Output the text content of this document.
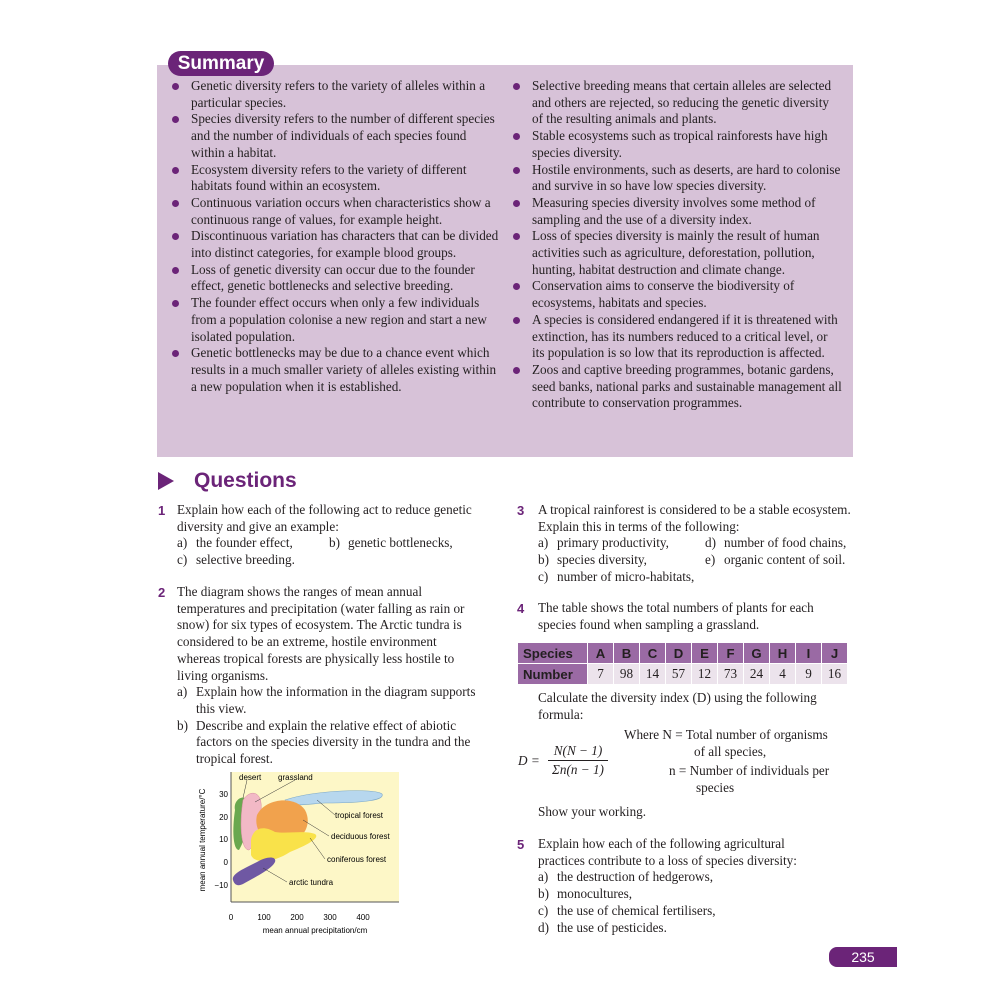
Summary
Genetic diversity refers to the variety of alleles within a particular species.
Species diversity refers to the number of different species and the number of individuals of each species found within a habitat.
Ecosystem diversity refers to the variety of different habitats found within an ecosystem.
Continuous variation occurs when characteristics show a continuous range of values, for example height.
Discontinuous variation has characters that can be divided into distinct categories, for example blood groups.
Loss of genetic diversity can occur due to the founder effect, genetic bottlenecks and selective breeding.
The founder effect occurs when only a few individuals from a population colonise a new region and start a new isolated population.
Genetic bottlenecks may be due to a chance event which results in a much smaller variety of alleles existing within a new population when it is established.
Selective breeding means that certain alleles are selected and others are rejected, so reducing the genetic diversity of the resulting animals and plants.
Stable ecosystems such as tropical rainforests have high species diversity.
Hostile environments, such as deserts, are hard to colonise and survive in so have low species diversity.
Measuring species diversity involves some method of sampling and the use of a diversity index.
Loss of species diversity is mainly the result of human activities such as agriculture, deforestation, pollution, hunting, habitat destruction and climate change.
Conservation aims to conserve the biodiversity of ecosystems, habitats and species.
A species is considered endangered if it is threatened with extinction, has its numbers reduced to a critical level, or its population is so low that its reproduction is affected.
Zoos and captive breeding programmes, botanic gardens, seed banks, national parks and sustainable management all contribute to conservation programmes.
Questions
1 Explain how each of the following act to reduce genetic diversity and give an example:
a) the founder effect,	b) genetic bottlenecks,
c) selective breeding.
2 The diagram shows the ranges of mean annual temperatures and precipitation (water falling as rain or snow) for six types of ecosystem. The Arctic tundra is considered to be an extreme, hostile environment whereas tropical forests are physically less hostile to living organisms.
a) Explain how the information in the diagram supports this view.
b) Describe and explain the relative effect of abiotic factors on the species diversity in the tundra and the tropical forest.
desert grassland
tropical forest
deciduous forest
coniferous forest
arctic tundra
30
20
10
0
−10
0	100 200 300 400
mean annual precipitation/cm
mean annual temperature/°C
3 A tropical rainforest is considered to be a stable ecosystem. Explain this in terms of the following:
a) primary productivity,	d) number of food chains,
b) species diversity,	e) organic content of soil.
c) number of micro-habitats,
4 The table shows the total numbers of plants for each species found when sampling a grassland.
Species	A	B	C	D	E	F	G	H	I	J
Number	7	98	14	57	12	73	24	4	9	16
Calculate the diversity index (D) using the following formula:
Where N = Total number of organisms
of all species,
n = Number of individuals per
species
D =
N(N − 1)
Σn(n − 1)
Show your working.
5 Explain how each of the following agricultural practices contribute to a loss of species diversity:
a) the destruction of hedgerows,
b) monocultures,
c) the use of chemical fertilisers,
d) the use of pesticides.
235
